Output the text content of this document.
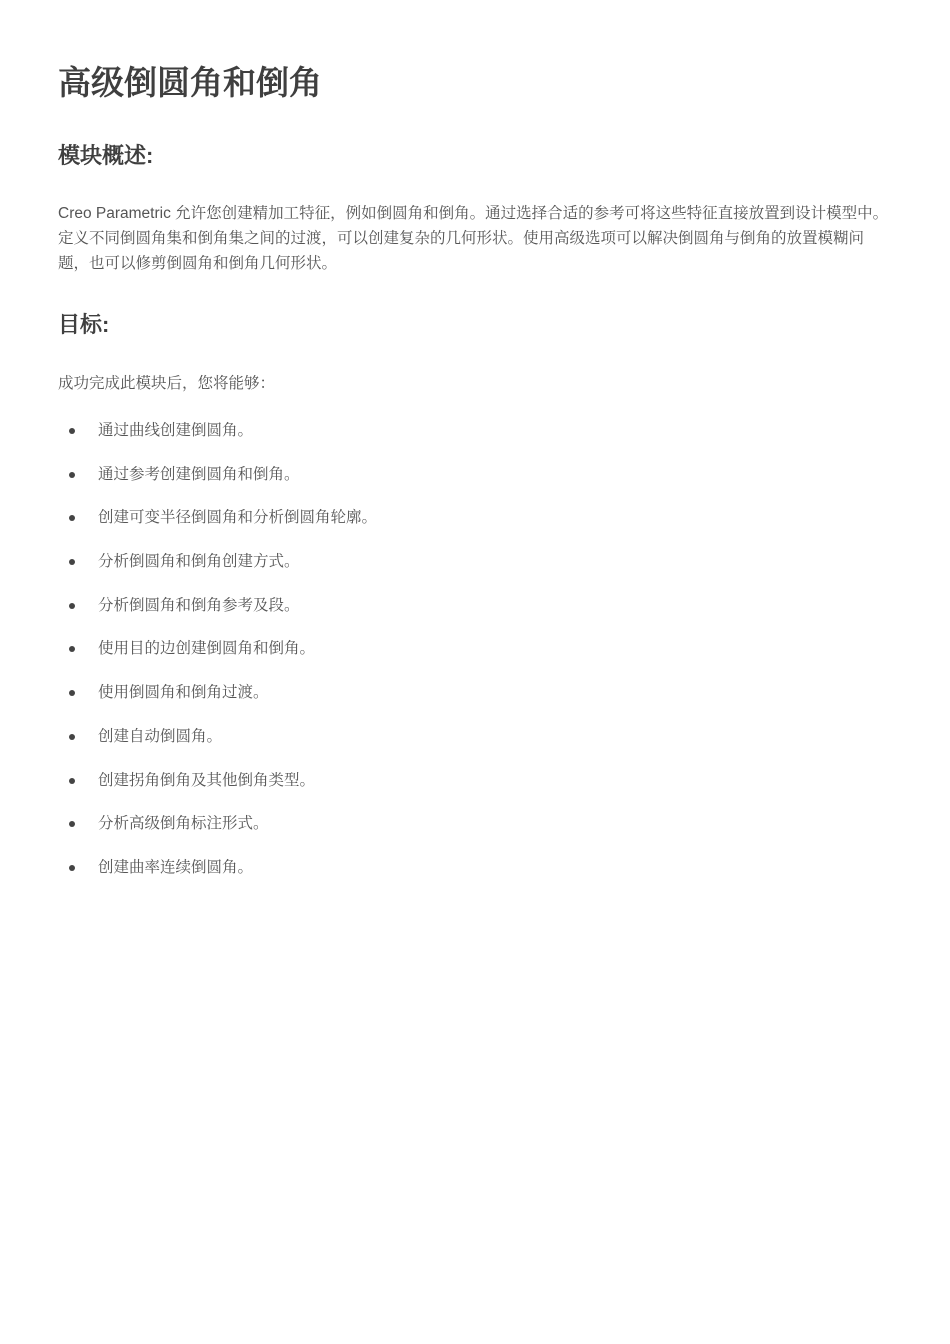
高级倒圆角和倒角
模块概述:

Creo Parametric 允许您创建精加工特征，例如倒圆角和倒角。通过选择合适的参考可将这些特征直接放置到设计模型中。定义不同倒圆角集和倒角集之间的过渡，可以创建复杂的几何形状。使用高级选项可以解决倒圆角与倒角的放置模糊问题，也可以修剪倒圆角和倒角几何形状。

目标:

成功完成此模块后，您将能够：

通过曲线创建倒圆角。
通过参考创建倒圆角和倒角。
创建可变半径倒圆角和分析倒圆角轮廓。
分析倒圆角和倒角创建方式。
分析倒圆角和倒角参考及段。
使用目的边创建倒圆角和倒角。
使用倒圆角和倒角过渡。
创建自动倒圆角。
创建拐角倒角及其他倒角类型。
分析高级倒角标注形式。
创建曲率连续倒圆角。
